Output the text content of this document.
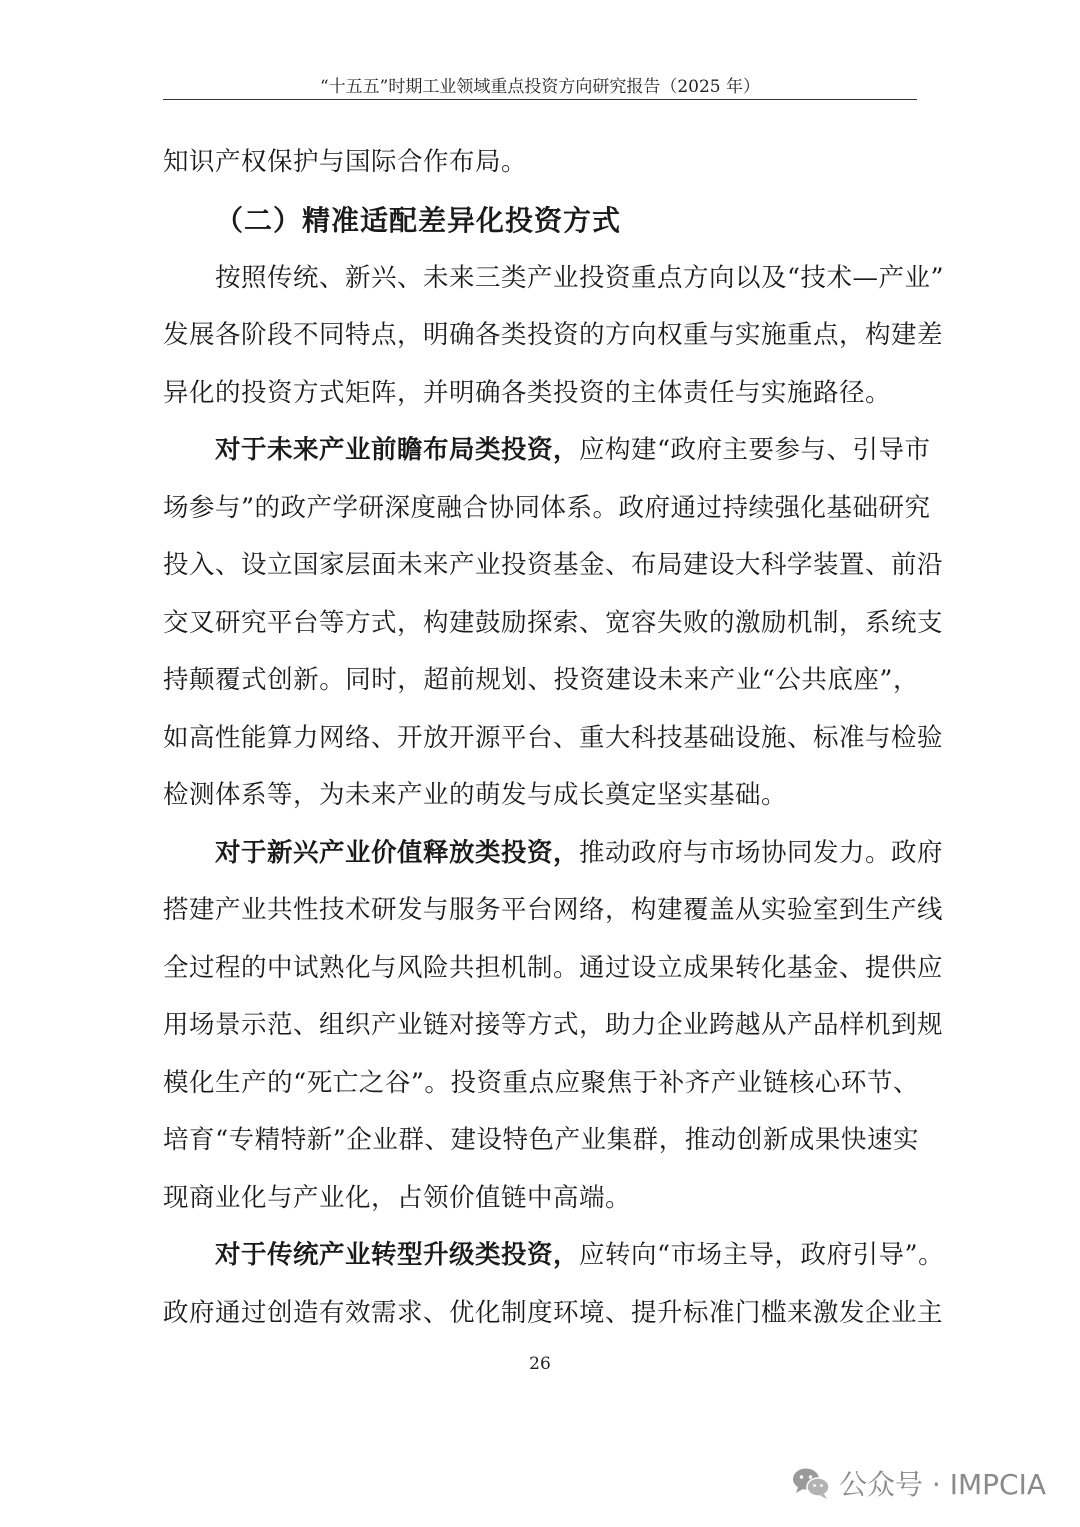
“十五五”时期工业领域重点投资方向研究报告（2025 年）
知识产权保护与国际合作布局。
（二）精准适配差异化投资方式
按照传统、新兴、未来三类产业投资重点方向以及“技术—产业”
发展各阶段不同特点，明确各类投资的方向权重与实施重点，构建差
异化的投资方式矩阵，并明确各类投资的主体责任与实施路径。
对于未来产业前瞻布局类投资，应构建“政府主要参与、引导市
场参与”的政产学研深度融合协同体系。政府通过持续强化基础研究
投入、设立国家层面未来产业投资基金、布局建设大科学装置、前沿
交叉研究平台等方式，构建鼓励探索、宽容失败的激励机制，系统支
持颠覆式创新。同时，超前规划、投资建设未来产业“公共底座”，
如高性能算力网络、开放开源平台、重大科技基础设施、标准与检验
检测体系等，为未来产业的萌发与成长奠定坚实基础。
对于新兴产业价值释放类投资，推动政府与市场协同发力。政府
搭建产业共性技术研发与服务平台网络，构建覆盖从实验室到生产线
全过程的中试熟化与风险共担机制。通过设立成果转化基金、提供应
用场景示范、组织产业链对接等方式，助力企业跨越从产品样机到规
模化生产的“死亡之谷”。投资重点应聚焦于补齐产业链核心环节、
培育“专精特新”企业群、建设特色产业集群，推动创新成果快速实
现商业化与产业化，占领价值链中高端。
对于传统产业转型升级类投资，应转向“市场主导，政府引导”。
政府通过创造有效需求、优化制度环境、提升标准门槛来激发企业主
26
公众号 · IMPCIA
